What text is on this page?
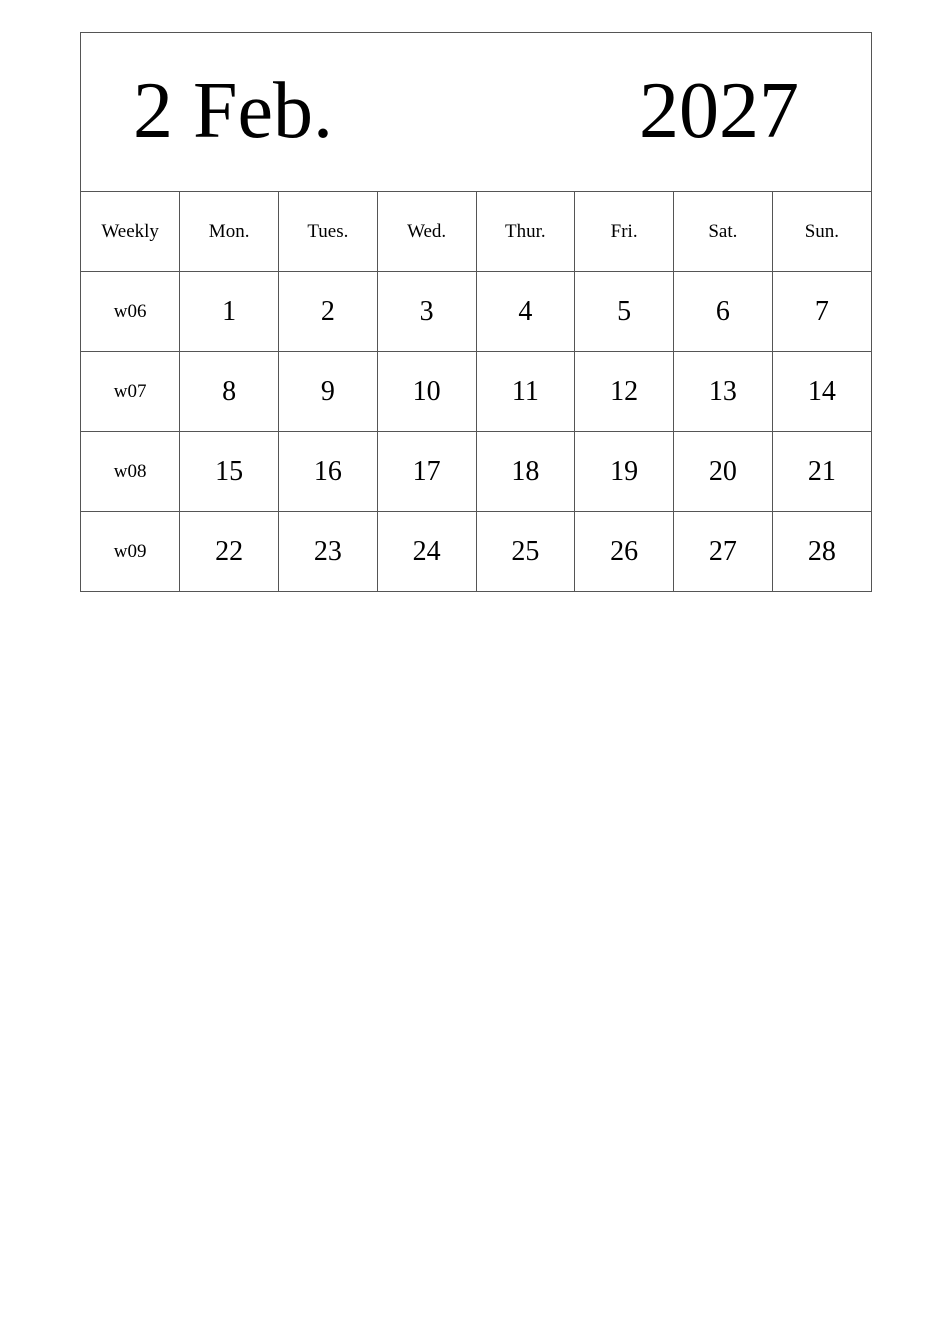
2 Feb.	2027
Weekly	Mon.	Tues.	Wed.	Thur.	Fri.	Sat.	Sun.
w06	1	2	3	4	5	6	7
w07	8	9	10	11	12	13	14
w08	15	16	17	18	19	20	21
w09	22	23	24	25	26	27	28
